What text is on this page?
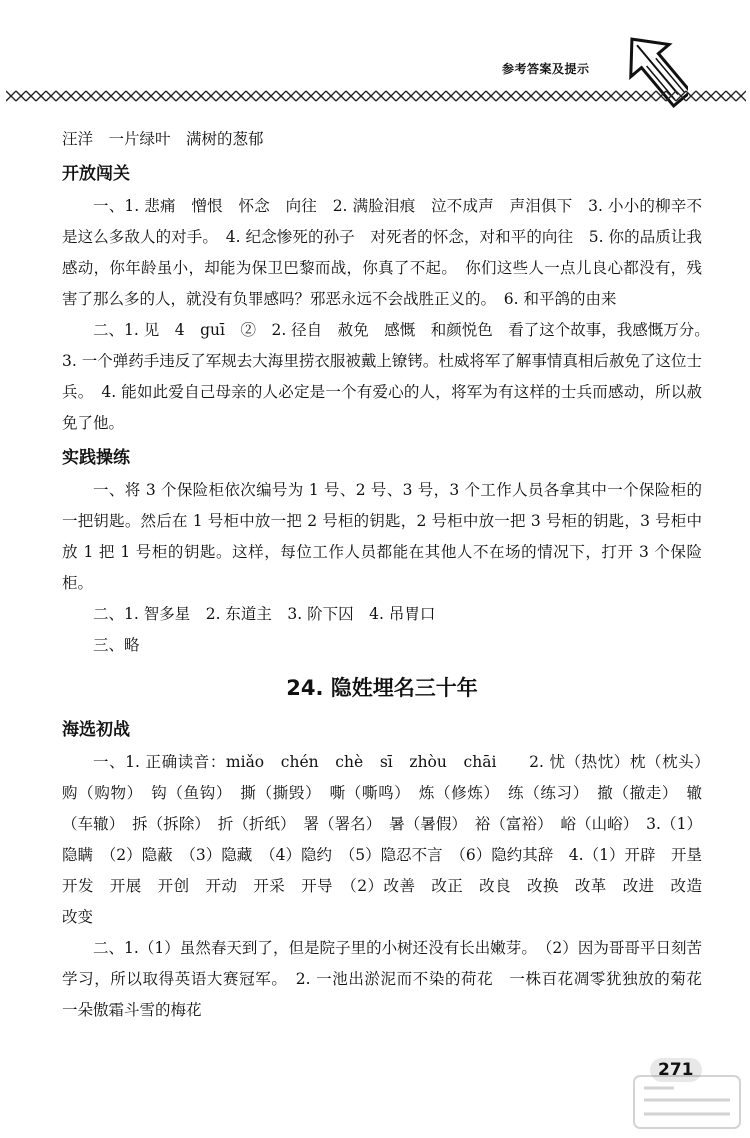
参考答案及提示

汪洋　一片绿叶　满树的葱郁

开放闯关

一、1. 悲痛　憎恨　怀念　向往　2. 满脸泪痕　泣不成声　声泪俱下　3. 小小的柳辛不是这么多敌人的对手。　4. 纪念惨死的孙子　对死者的怀念，对和平的向往　5. 你的品质让我感动，你年龄虽小，却能为保卫巴黎而战，你真了不起。　你们这些人一点儿良心都没有，残害了那么多的人，就没有负罪感吗？邪恶永远不会战胜正义的。　6. 和平鸽的由来

二、1. 见　4　guī　②　2. 径自　赦免　感慨　和颜悦色　看了这个故事，我感慨万分。　3. 一个弹药手违反了军规去大海里捞衣服被戴上镣铐。杜威将军了解事情真相后赦免了这位士兵。　4. 能如此爱自己母亲的人必定是一个有爱心的人，将军为有这样的士兵而感动，所以赦免了他。

实践操练

一、将 3 个保险柜依次编号为 1 号、2 号、3 号，3 个工作人员各拿其中一个保险柜的一把钥匙。然后在 1 号柜中放一把 2 号柜的钥匙，2 号柜中放一把 3 号柜的钥匙，3 号柜中放 1 把 1 号柜的钥匙。这样，每位工作人员都能在其他人不在场的情况下，打开 3 个保险柜。

二、1. 智多星　2. 东道主　3. 阶下囚　4. 吊胃口

三、略

24. 隐姓埋名三十年
海选初战

一、1. 正确读音：miǎo　chén　chè　sī　zhòu　chāi　　2. 忧（热忱）枕（枕头）　购（购物）　钩（鱼钩）　撕（撕毁）　嘶（嘶鸣）　炼（修炼）　练（练习）　撤（撤走）　辙（车辙）　拆（拆除）　折（折纸）　署（署名）　暑（暑假）　裕（富裕）　峪（山峪）　3.（1）隐瞒　（2）隐蔽　（3）隐藏　（4）隐约　（5）隐忍不言　（6）隐约其辞　4.（1）开辟　开垦　开发　开展　开创　开动　开采　开导　（2）改善　改正　改良　改换　改革　改进　改造　改变

二、1.（1）虽然春天到了，但是院子里的小树还没有长出嫩芽。　（2）因为哥哥平日刻苦学习，所以取得英语大赛冠军。　2. 一池出淤泥而不染的荷花　一株百花凋零犹独放的菊花　一朵傲霜斗雪的梅花

271
